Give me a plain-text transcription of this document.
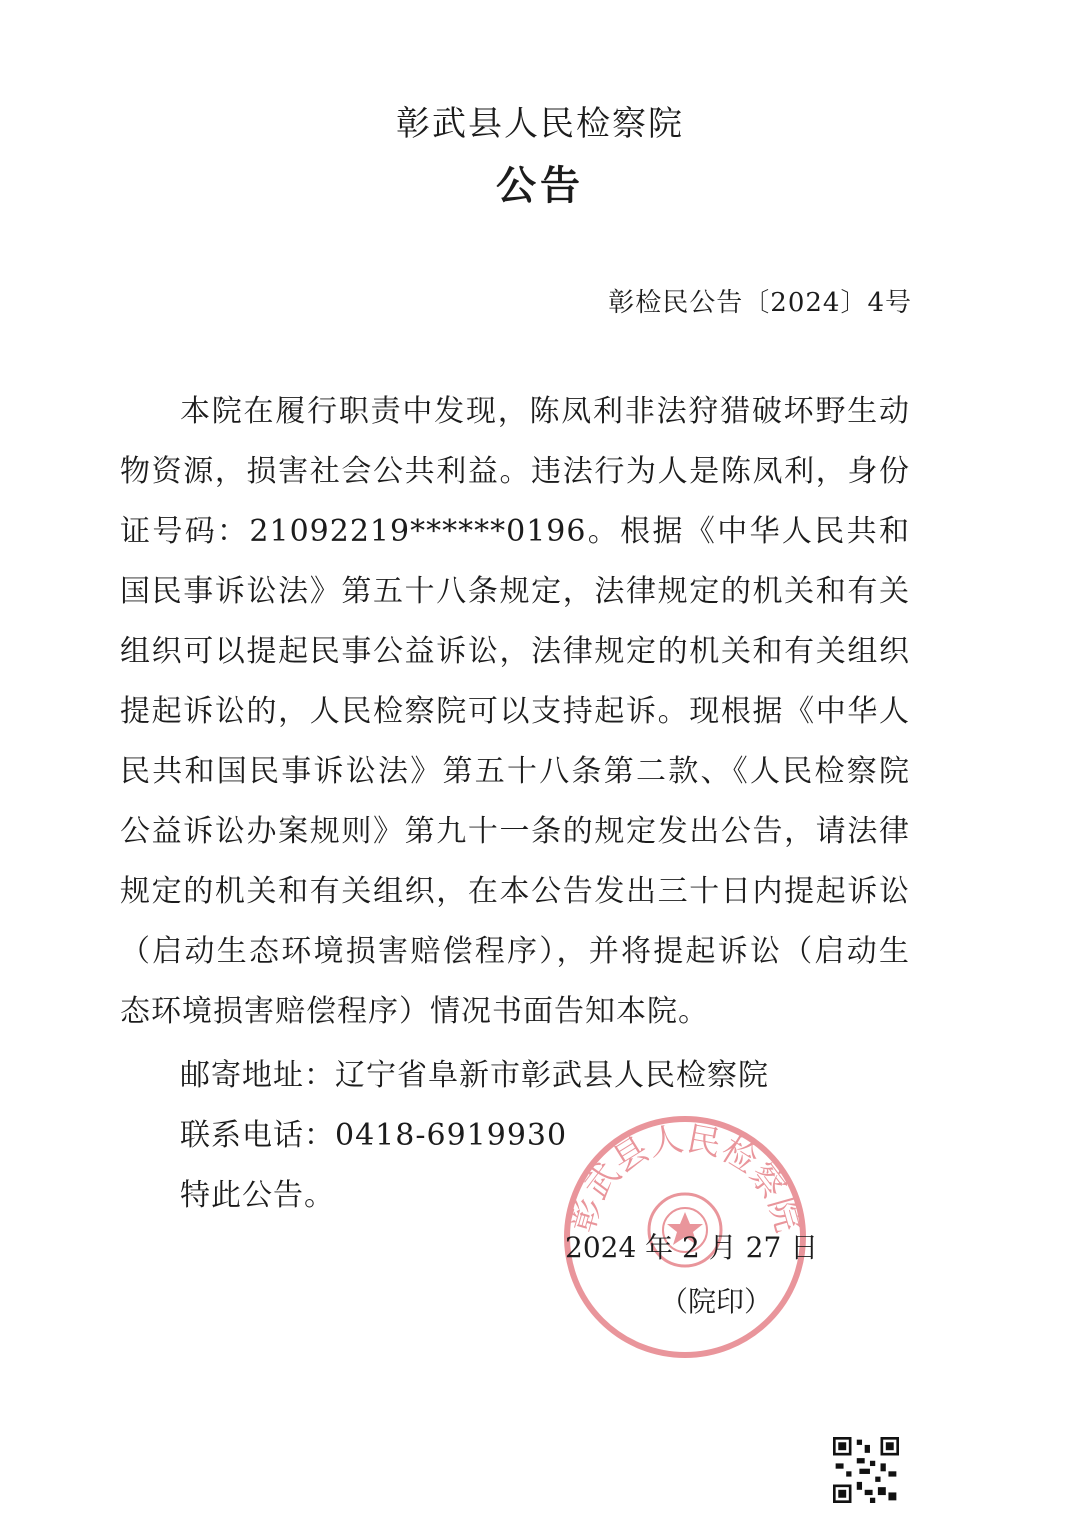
彰武县人民检察院
公告
彰检民公告〔2024〕4号

本院在履行职责中发现，陈凤利非法狩猎破坏野生动物资源，损害社会公共利益。违法行为人是陈凤利，身份证号码：21092219******0196。根据《中华人民共和国民事诉讼法》第五十八条规定，法律规定的机关和有关组织可以提起民事公益诉讼，法律规定的机关和有关组织提起诉讼的，人民检察院可以支持起诉。现根据《中华人民共和国民事诉讼法》第五十八条第二款、《人民检察院公益诉讼办案规则》第九十一条的规定发出公告，请法律规定的机关和有关组织，在本公告发出三十日内提起诉讼（启动生态环境损害赔偿程序），并将提起诉讼（启动生态环境损害赔偿程序）情况书面告知本院。

邮寄地址：辽宁省阜新市彰武县人民检察院
联系电话：0418-6919930
特此公告。	彰武县人民检察院
2024 年 2 月 27 日
（院印）
